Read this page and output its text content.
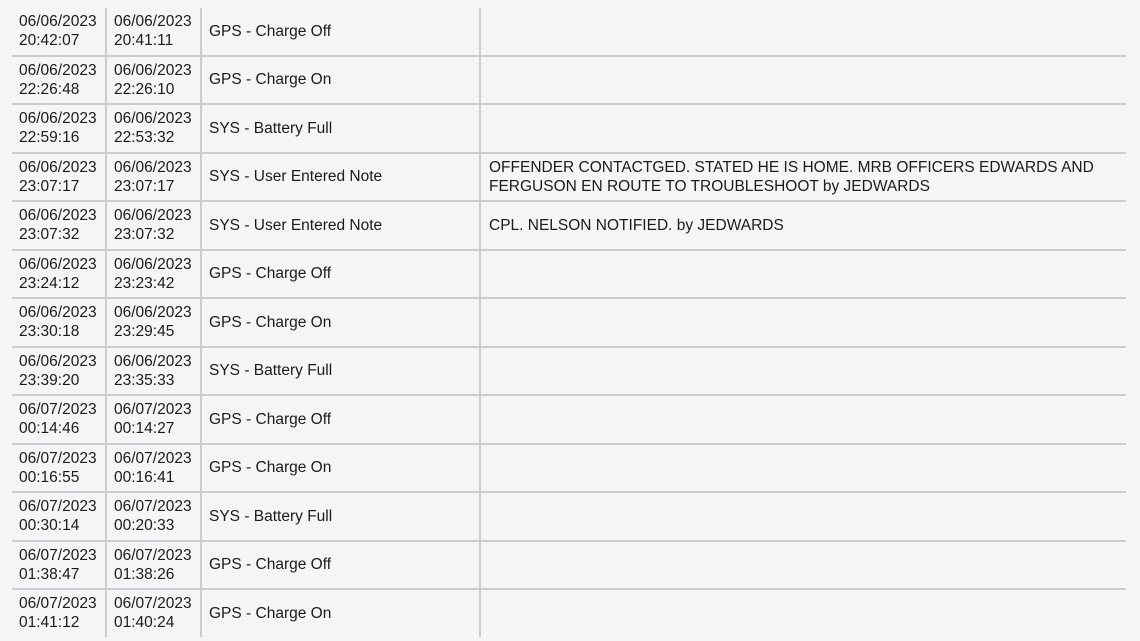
06/06/2023
20:42:07
06/06/2023
20:41:11
GPS - Charge Off
06/06/2023
22:26:48
06/06/2023
22:26:10
GPS - Charge On
06/06/2023
22:59:16
06/06/2023
22:53:32
SYS - Battery Full
06/06/2023
23:07:17
06/06/2023
23:07:17
SYS - User Entered Note
OFFENDER CONTACTGED. STATED HE IS HOME. MRB OFFICERS EDWARDS AND FERGUSON EN ROUTE TO TROUBLESHOOT by JEDWARDS
06/06/2023
23:07:32
06/06/2023
23:07:32
SYS - User Entered Note	CPL. NELSON NOTIFIED. by JEDWARDS
06/06/2023
23:24:12
06/06/2023
23:23:42
GPS - Charge Off
06/06/2023
23:30:18
06/06/2023
23:29:45
GPS - Charge On
06/06/2023
23:39:20
06/06/2023
23:35:33
SYS - Battery Full
06/07/2023
00:14:46
06/07/2023
00:14:27
GPS - Charge Off
06/07/2023
00:16:55
06/07/2023
00:16:41
GPS - Charge On
06/07/2023
00:30:14
06/07/2023
00:20:33
SYS - Battery Full
06/07/2023
01:38:47
06/07/2023
01:38:26
GPS - Charge Off
06/07/2023
01:41:12
06/07/2023
01:40:24
GPS - Charge On
